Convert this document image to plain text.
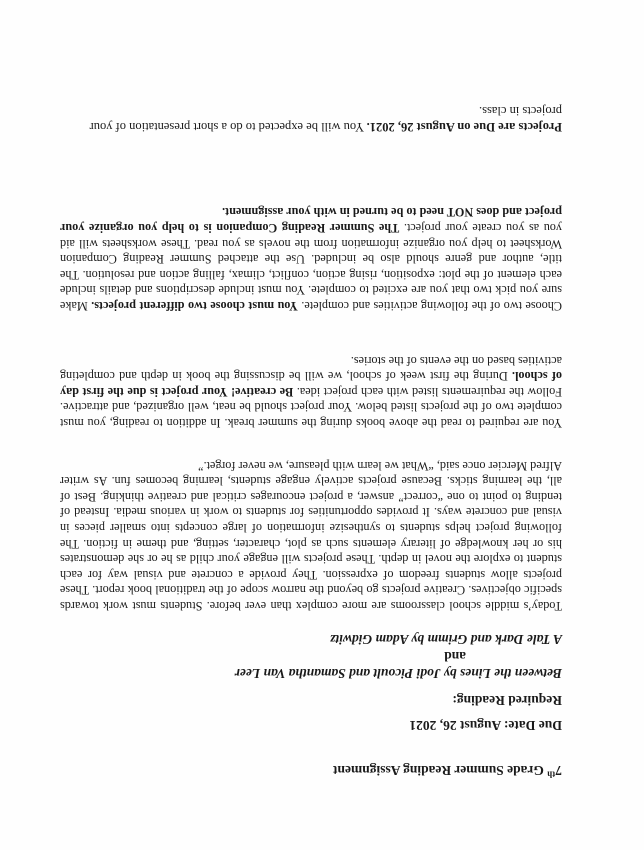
7th Grade Summer Reading Assignment
Due Date: August 26, 2021
Required Reading:
Between the Lines by Jodi Picoult and Samantha Van Leer
and
A Tale Dark and Grimm by Adam Gidwitz
Today’s middle school classrooms are more complex than ever before. Students must work towards specific objectives. Creative projects go beyond the narrow scope of the traditional book report. These projects allow students freedom of expression. They provide a concrete and visual way for each student to explore the novel in depth. These projects will engage your child as he or she demonstrates his or her knowledge of literary elements such as plot, character, setting, and theme in fiction. The following project helps students to synthesize information of large concepts into smaller pieces in visual and concrete ways. It provides opportunities for students to work in various media. Instead of tending to point to one “correct” answer, a project encourages critical and creative thinking. Best of all, the learning sticks. Because projects actively engage students, learning becomes fun. As writer Alfred Mercier once said, “What we learn with pleasure, we never forget.”
You are required to read the above books during the summer break. In addition to reading, you must complete two of the projects listed below. Your project should be neat, well organized, and attractive. Follow the requirements listed with each project idea. Be creative! Your project is due the first day of school. During the first week of school, we will be discussing the book in depth and completing activities based on the events of the stories.
Choose two of the following activities and complete. You must choose two different projects. Make sure you pick two that you are excited to complete. You must include descriptions and details include each element of the plot: exposition, rising action, conflict, climax, falling action and resolution. The title, author and genre should also be included. Use the attached Summer Reading Companion Worksheet to help you organize information from the novels as you read. These worksheets will aid you as you create your project. The Summer Reading Companion is to help you organize your project and does NOT need to be turned in with your assignment.
Projects are Due on August 26, 2021. You will be expected to do a short presentation of your projects in class.
